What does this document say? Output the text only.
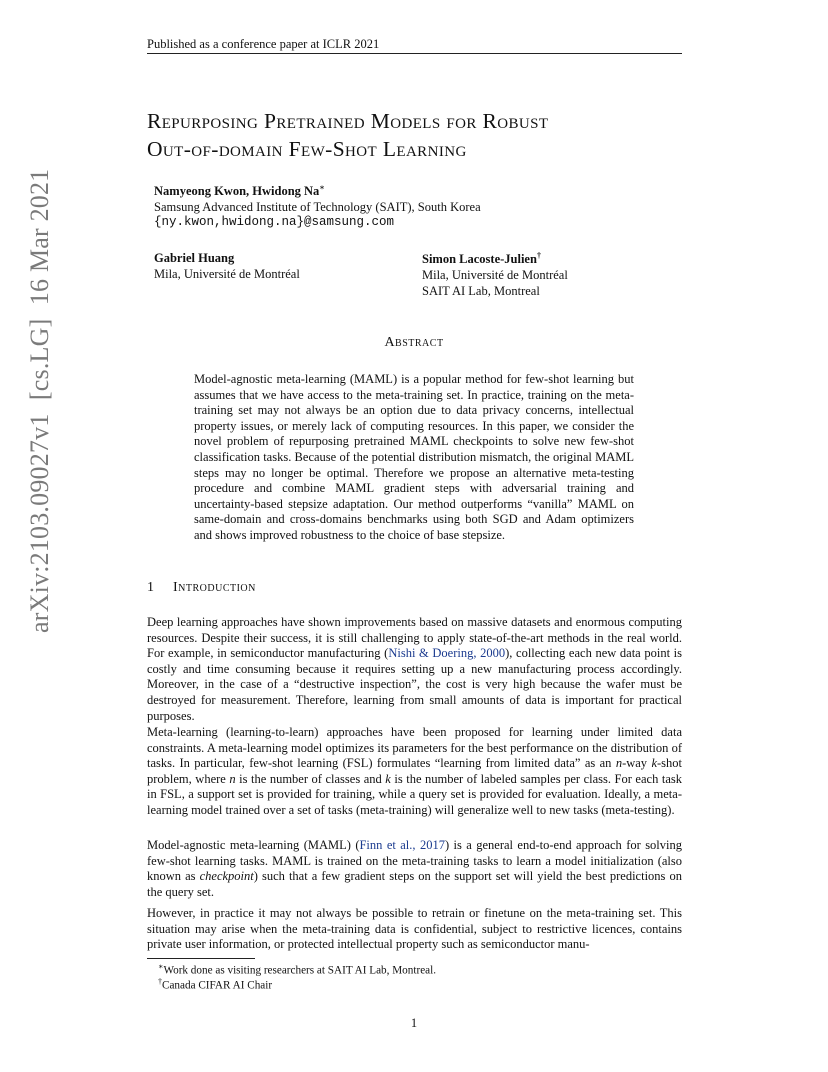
arXiv:2103.09027v1  [cs.LG]  16 Mar 2021
Published as a conference paper at ICLR 2021
Repurposing Pretrained Models for Robust
Out-of-domain Few-Shot Learning
Namyeong Kwon, Hwidong Na∗
Samsung Advanced Institute of Technology (SAIT), South Korea
{ny.kwon,hwidong.na}@samsung.com
Gabriel Huang
Mila, Université de Montréal
Simon Lacoste-Julien†
Mila, Université de Montréal
SAIT AI Lab, Montreal
Abstract
Model-agnostic meta-learning (MAML) is a popular method for few-shot learning but assumes that we have access to the meta-training set. In practice, training on the meta-training set may not always be an option due to data privacy concerns, intellectual property issues, or merely lack of computing resources. In this paper, we consider the novel problem of repurposing pretrained MAML checkpoints to solve new few-shot classification tasks. Because of the potential distribution mismatch, the original MAML steps may no longer be optimal. Therefore we propose an alternative meta-testing procedure and combine MAML gradient steps with adversarial training and uncertainty-based stepsize adaptation. Our method outperforms “vanilla” MAML on same-domain and cross-domains benchmarks using both SGD and Adam optimizers and shows improved robustness to the choice of base stepsize.
1 Introduction
Deep learning approaches have shown improvements based on massive datasets and enormous computing resources. Despite their success, it is still challenging to apply state-of-the-art methods in the real world. For example, in semiconductor manufacturing (Nishi & Doering, 2000), collecting each new data point is costly and time consuming because it requires setting up a new manufacturing process accordingly. Moreover, in the case of a “destructive inspection”, the cost is very high because the wafer must be destroyed for measurement. Therefore, learning from small amounts of data is important for practical purposes.
Meta-learning (learning-to-learn) approaches have been proposed for learning under limited data constraints. A meta-learning model optimizes its parameters for the best performance on the distribution of tasks. In particular, few-shot learning (FSL) formulates “learning from limited data” as an n-way k-shot problem, where n is the number of classes and k is the number of labeled samples per class. For each task in FSL, a support set is provided for training, while a query set is provided for evaluation. Ideally, a meta-learning model trained over a set of tasks (meta-training) will generalize well to new tasks (meta-testing).
Model-agnostic meta-learning (MAML) (Finn et al., 2017) is a general end-to-end approach for solving few-shot learning tasks. MAML is trained on the meta-training tasks to learn a model initialization (also known as checkpoint) such that a few gradient steps on the support set will yield the best predictions on the query set.
However, in practice it may not always be possible to retrain or finetune on the meta-training set. This situation may arise when the meta-training data is confidential, subject to restrictive licences, contains private user information, or protected intellectual property such as semiconductor manu-
∗Work done as visiting researchers at SAIT AI Lab, Montreal.
†Canada CIFAR AI Chair
1
